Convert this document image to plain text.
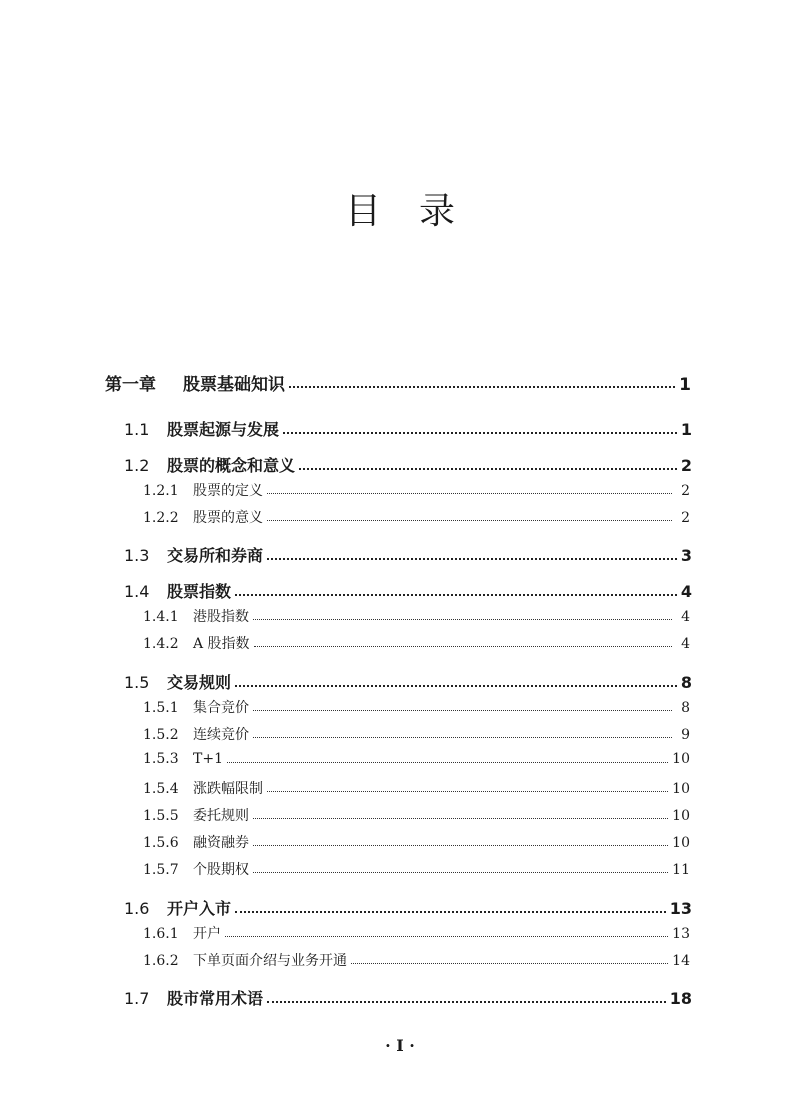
目 录
第一章	股票基础知识	1
1.1	股票起源与发展	1
1.2	股票的概念和意义	2
1.2.1	股票的定义	2
1.2.2	股票的意义	2
1.3	交易所和券商	3
1.4	股票指数	4
1.4.1	港股指数	4
1.4.2	A 股指数	4
1.5	交易规则	8
1.5.1	集合竞价	8
1.5.2	连续竞价	9
1.5.3	T+1	10
1.5.4	涨跌幅限制	10
1.5.5	委托规则	10
1.5.6	融资融券	10
1.5.7	个股期权	11
1.6	开户入市	13
1.6.1	开户	13
1.6.2	下单页面介绍与业务开通	14
1.7	股市常用术语	18
· I ·
